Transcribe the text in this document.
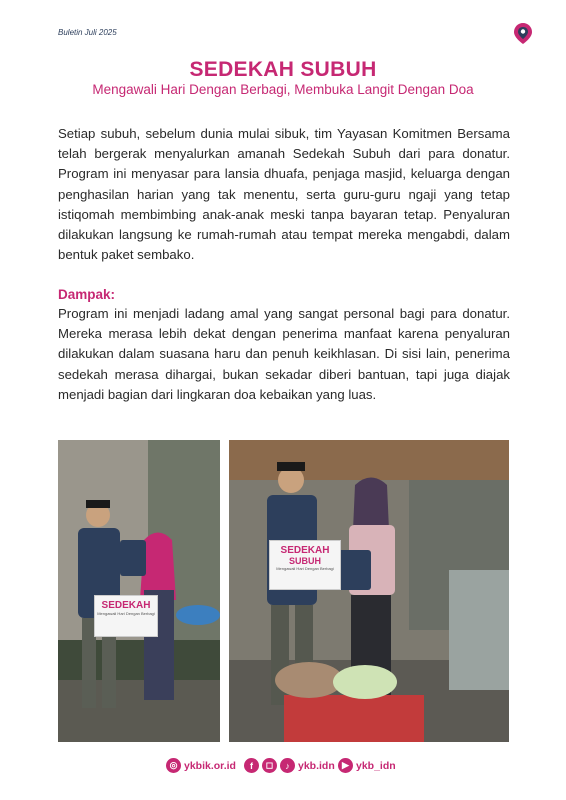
Buletin Juli 2025
SEDEKAH SUBUH
Mengawali Hari Dengan Berbagi, Membuka Langit Dengan Doa

Setiap subuh, sebelum dunia mulai sibuk, tim Yayasan Komitmen Bersama telah bergerak menyalurkan amanah Sedekah Subuh dari para donatur. Program ini menyasar para lansia dhuafa, penjaga masjid, keluarga dengan penghasilan harian yang tak menentu, serta guru-guru ngaji yang tetap istiqomah membimbing anak-anak meski tanpa bayaran tetap. Penyaluran dilakukan langsung ke rumah-rumah atau tempat mereka mengabdi, dalam bentuk paket sembako.

Dampak:

Program ini menjadi ladang amal yang sangat personal bagi para donatur. Mereka merasa lebih dekat dengan penerima manfaat karena penyaluran dilakukan dalam suasana haru dan penuh keikhlasan. Di sisi lain, penerima sedekah merasa dihargai, bukan sekadar diberi bantuan, tapi juga diajak menjadi bagian dari lingkaran doa kebaikan yang luas.

SEDEKAH
Mengawali Hari Dengan Berbagi
SEDEKAH
SUBUH
Mengawali Hari Dengan Berbagi
◎ ykbik.or.id	f	◻	♪ ykb.idn ▶ ykb_idn
